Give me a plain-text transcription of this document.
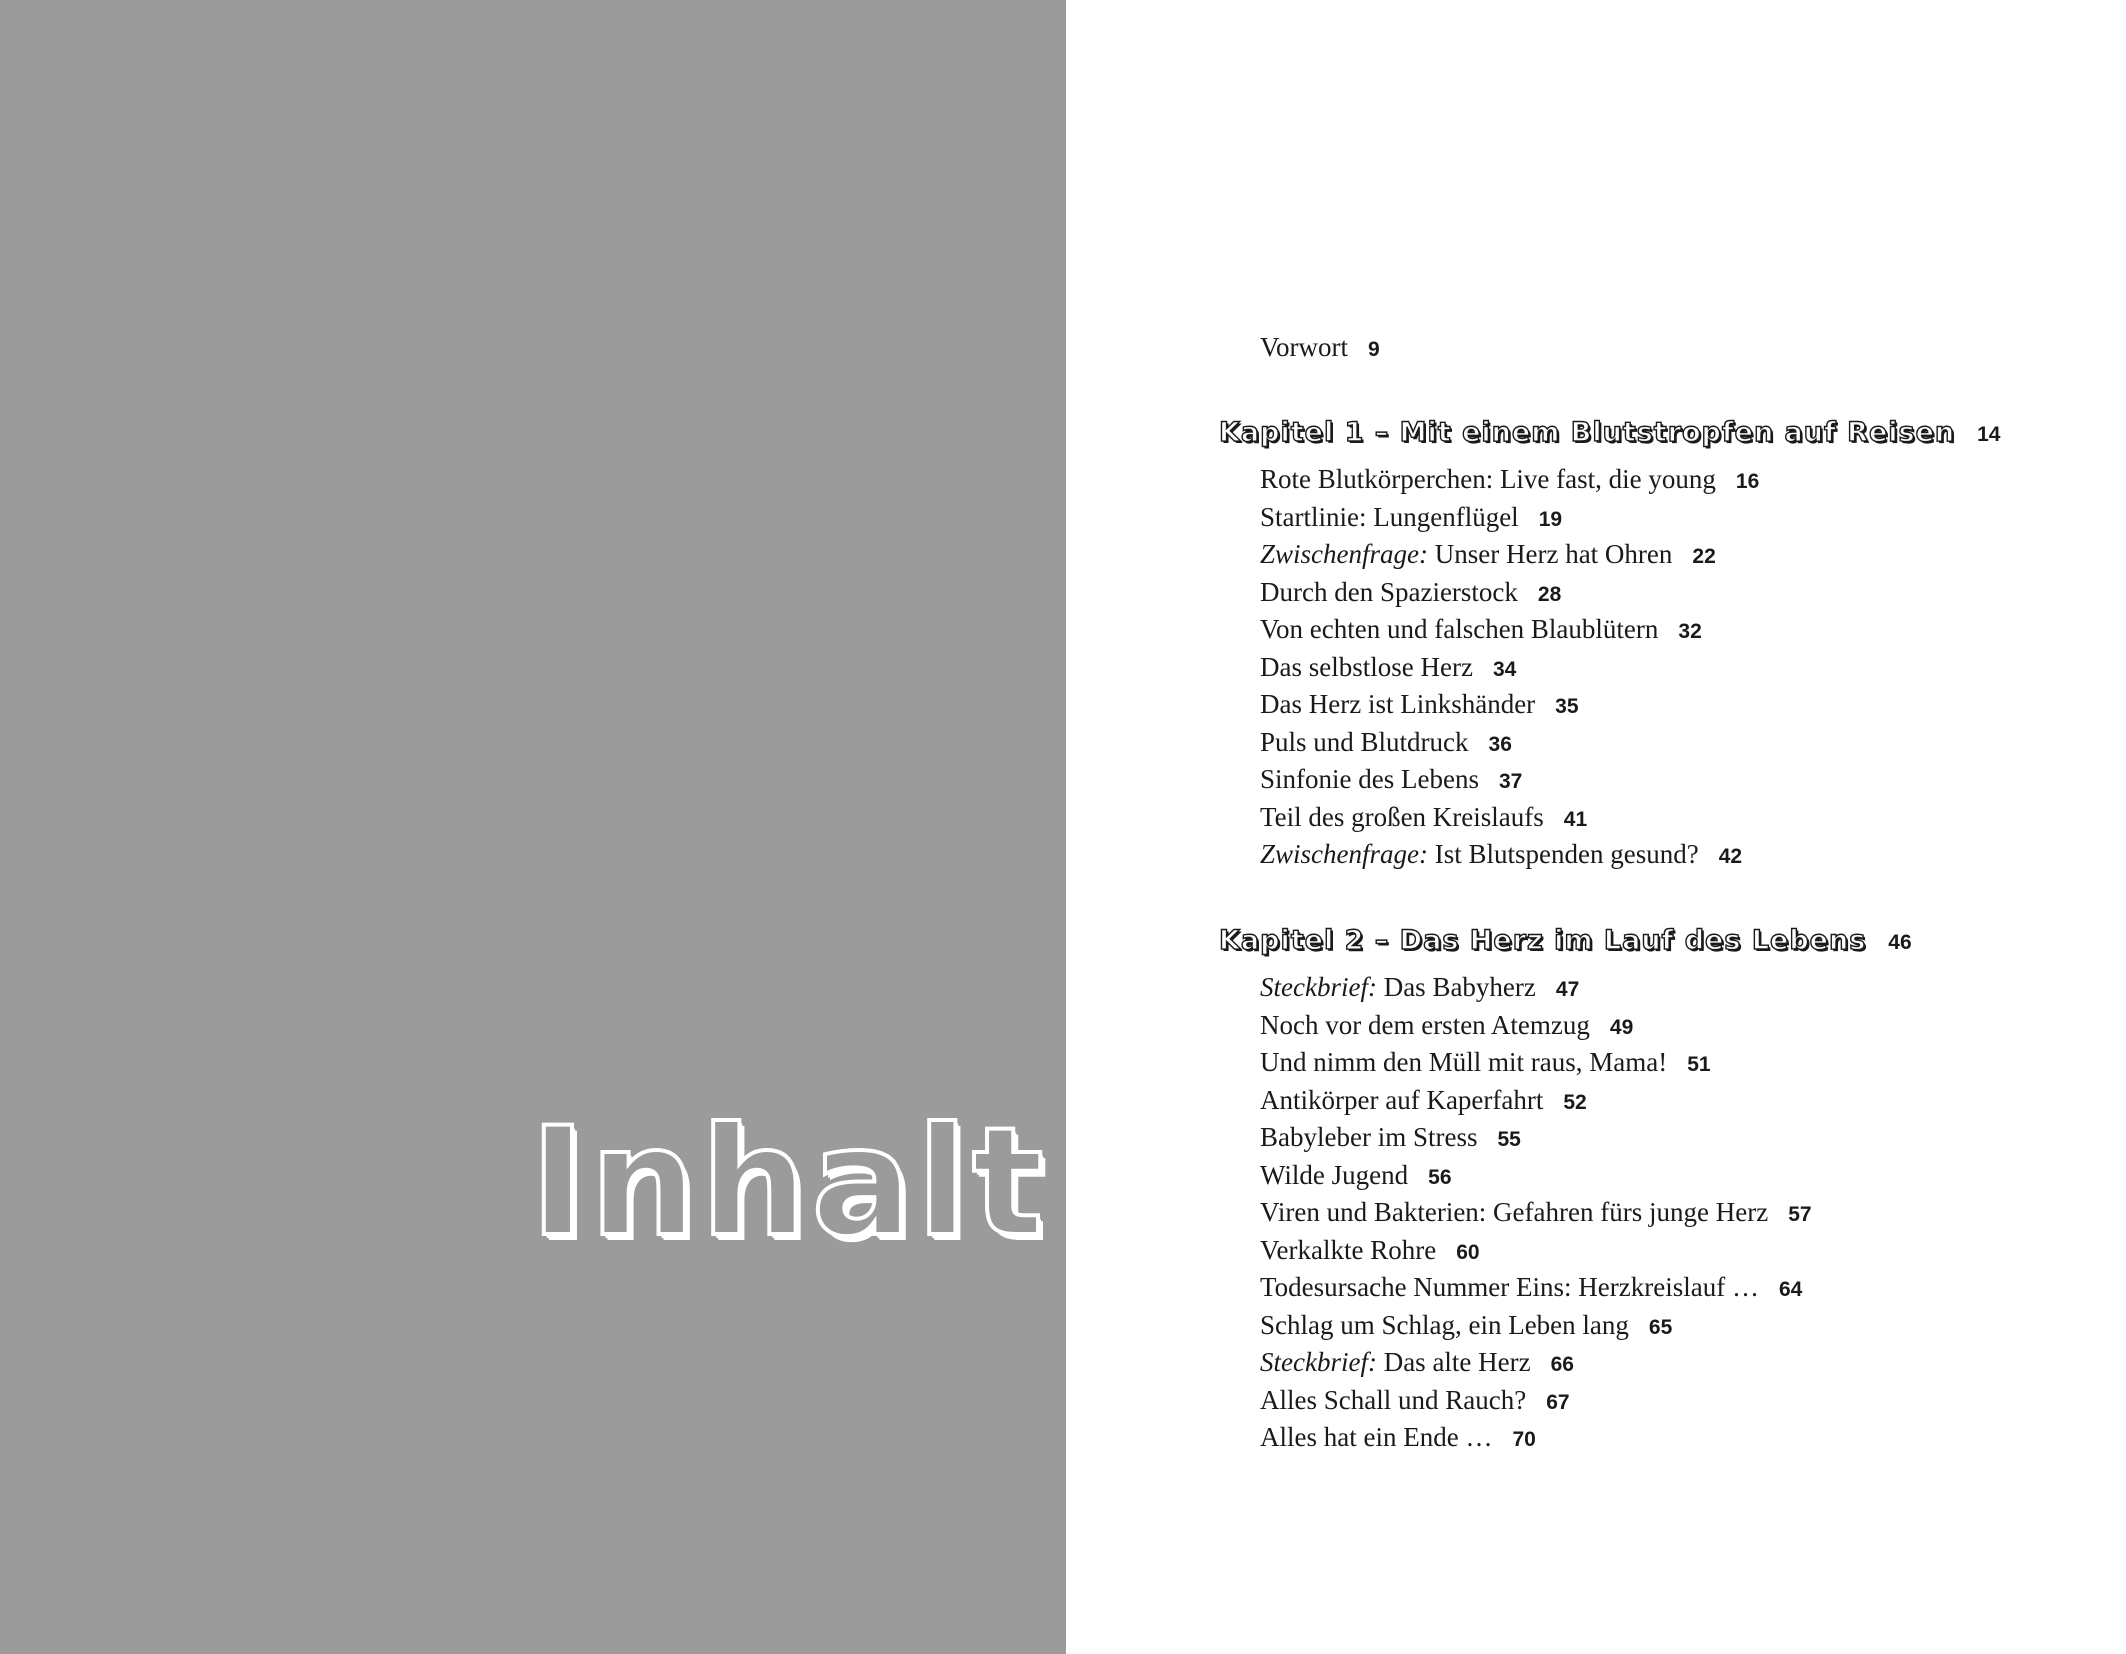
Inhalt
Vorwort 9
Kapitel 1 – Mit einem Blutstropfen auf Reisen 14
Rote Blutkörperchen: Live fast, die young 16
Startlinie: Lungenflügel 19
Zwischenfrage: Unser Herz hat Ohren 22
Durch den Spazierstock 28
Von echten und falschen Blaublütern 32
Das selbstlose Herz 34
Das Herz ist Linkshänder 35
Puls und Blutdruck 36
Sinfonie des Lebens 37
Teil des großen Kreislaufs 41
Zwischenfrage: Ist Blutspenden gesund? 42
Kapitel 2 – Das Herz im Lauf des Lebens 46
Steckbrief: Das Babyherz 47
Noch vor dem ersten Atemzug 49
Und nimm den Müll mit raus, Mama! 51
Antikörper auf Kaperfahrt 52
Babyleber im Stress 55
Wilde Jugend 56
Viren und Bakterien: Gefahren fürs junge Herz 57
Verkalkte Rohre 60
Todesursache Nummer Eins: Herzkreislauf … 64
Schlag um Schlag, ein Leben lang 65
Steckbrief: Das alte Herz 66
Alles Schall und Rauch? 67
Alles hat ein Ende … 70
